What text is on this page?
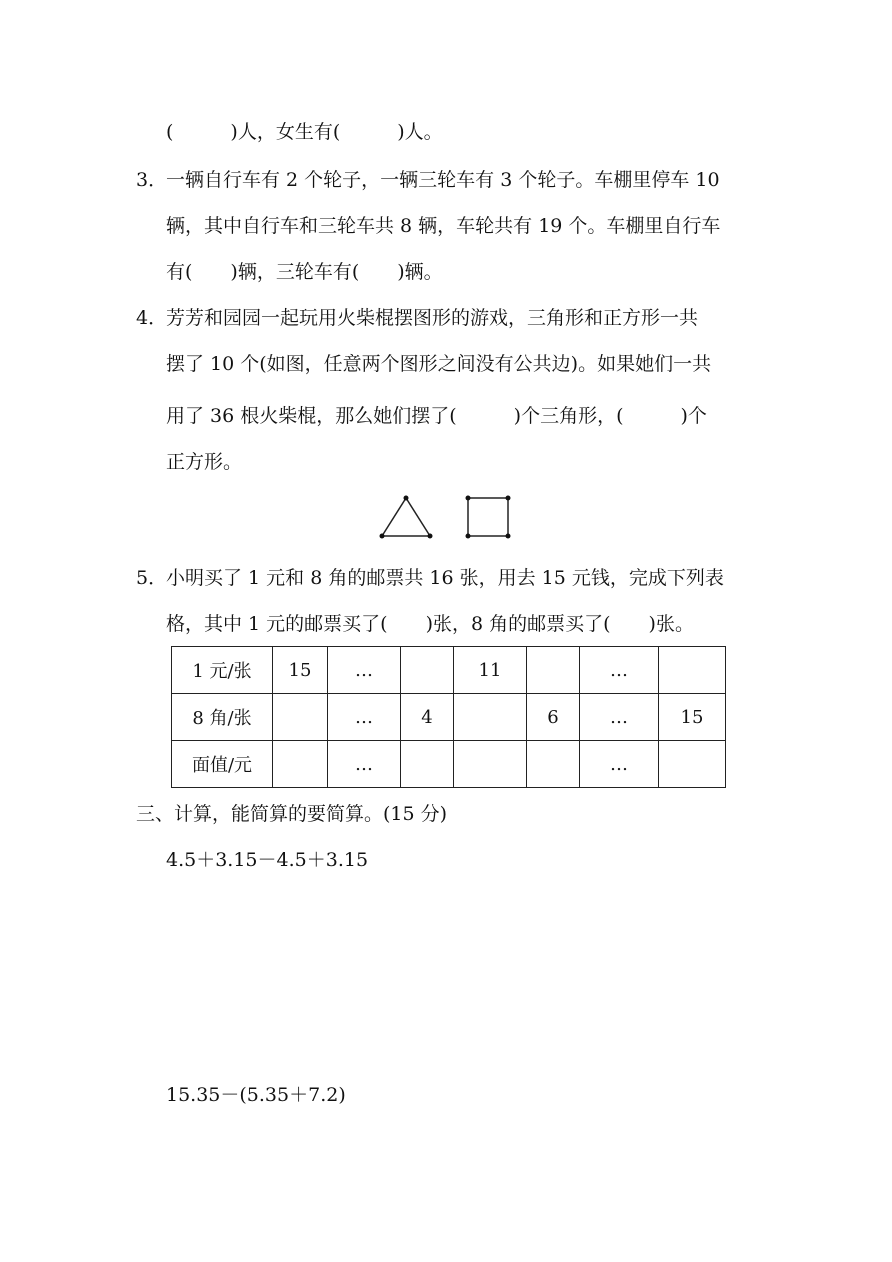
(　　　)人，女生有(　　　)人。
3．
一辆自行车有 2 个轮子，一辆三轮车有 3 个轮子。车棚里停车 10
辆，其中自行车和三轮车共 8 辆，车轮共有 19 个。车棚里自行车
有(　　)辆，三轮车有(　　)辆。
4．
芳芳和园园一起玩用火柴棍摆图形的游戏，三角形和正方形一共
摆了 10 个(如图，任意两个图形之间没有公共边)。如果她们一共
用了 36 根火柴棍，那么她们摆了(　　　)个三角形，(　　　)个
正方形。
5．
小明买了 1 元和 8 角的邮票共 16 张，用去 15 元钱，完成下列表
格，其中 1 元的邮票买了(　　)张，8 角的邮票买了(　　)张。
1 元/张	15	…		11		…	
8 角/张		…	4		6	…	15
面值/元		…				…	
三、计算，能简算的要简算。(15 分)
4.5＋3.15－4.5＋3.15
15.35－(5.35＋7.2)
